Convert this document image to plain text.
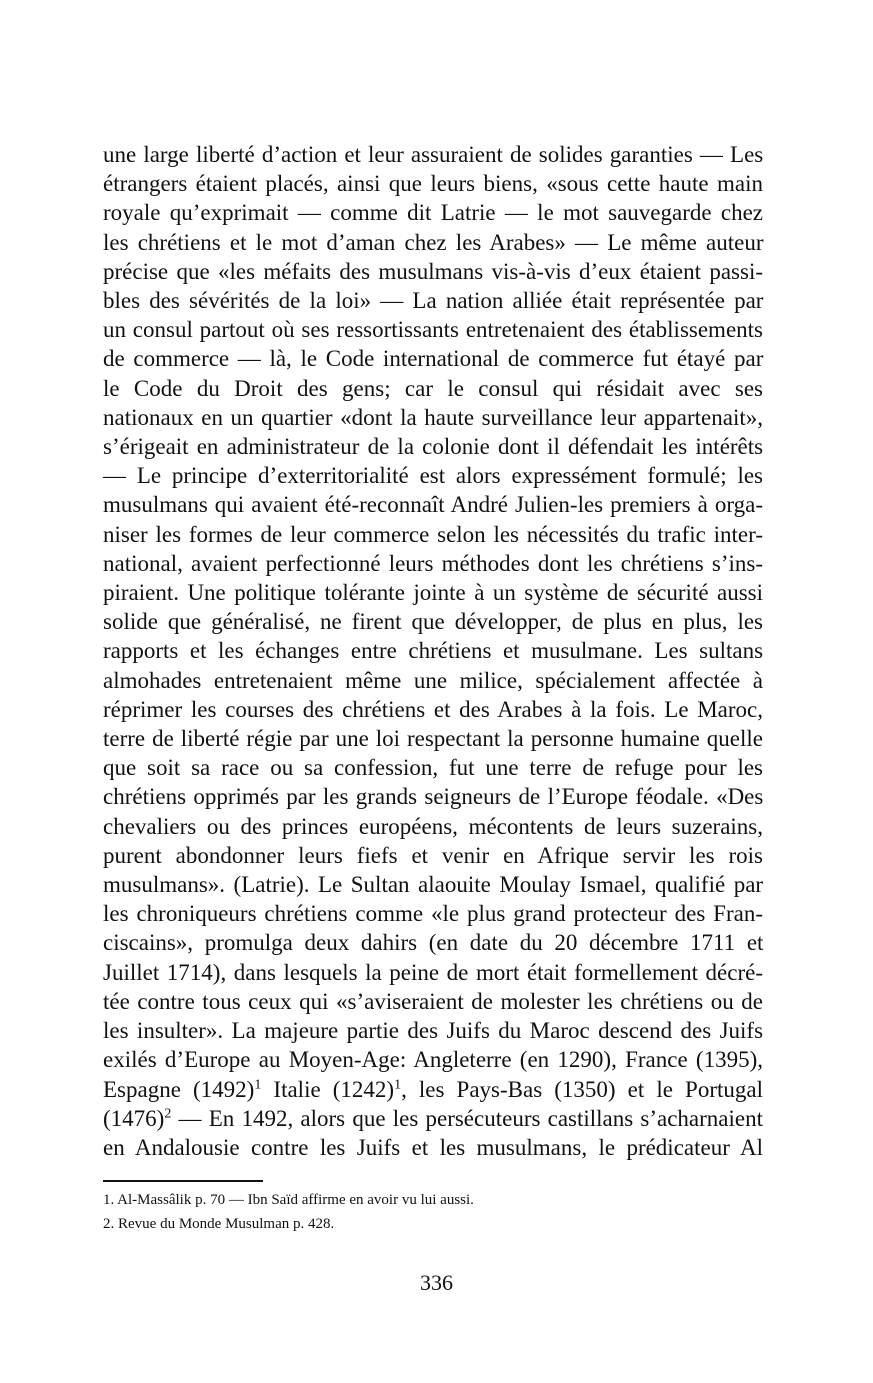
une large liberté d’action et leur assuraient de solides garanties — Les
étrangers étaient placés, ainsi que leurs biens, «sous cette haute main
royale qu’exprimait — comme dit Latrie — le mot sauvegarde chez
les chrétiens et le mot d’aman chez les Arabes» — Le même auteur
précise que «les méfaits des musulmans vis-à-vis d’eux étaient passi-
bles des sévérités de la loi» — La nation alliée était représentée par
un consul partout où ses ressortissants entretenaient des établissements
de commerce — là, le Code international de commerce fut étayé par
le Code du Droit des gens; car le consul qui résidait avec ses
nationaux en un quartier «dont la haute surveillance leur appartenait»,
s’érigeait en administrateur de la colonie dont il défendait les intérêts
— Le principe d’exterritorialité est alors expressément formulé; les
musulmans qui avaient été-reconnaît André Julien-les premiers à orga-
niser les formes de leur commerce selon les nécessités du trafic inter-
national, avaient perfectionné leurs méthodes dont les chrétiens s’ins-
piraient. Une politique tolérante jointe à un système de sécurité aussi
solide que généralisé, ne firent que développer, de plus en plus, les
rapports et les échanges entre chrétiens et musulmane. Les sultans
almohades entretenaient même une milice, spécialement affectée à
réprimer les courses des chrétiens et des Arabes à la fois. Le Maroc,
terre de liberté régie par une loi respectant la personne humaine quelle
que soit sa race ou sa confession, fut une terre de refuge pour les
chrétiens opprimés par les grands seigneurs de l’Europe féodale. «Des
chevaliers ou des princes européens, mécontents de leurs suzerains,
purent abondonner leurs fiefs et venir en Afrique servir les rois
musulmans». (Latrie). Le Sultan alaouite Moulay Ismael, qualifié par
les chroniqueurs chrétiens comme «le plus grand protecteur des Fran-
ciscains», promulga deux dahirs (en date du 20 décembre 1711 et
Juillet 1714), dans lesquels la peine de mort était formellement décré-
tée contre tous ceux qui «s’aviseraient de molester les chrétiens ou de
les insulter». La majeure partie des Juifs du Maroc descend des Juifs
exilés d’Europe au Moyen-Age: Angleterre (en 1290), France (1395),
Espagne $(1492)^1$ Italie $(1242)^1$, les Pays-Bas (1350) et le Portugal
$(1476)^2$ — En 1492, alors que les persécuteurs castillans s’acharnaient
en Andalousie contre les Juifs et les musulmans, le prédicateur Al
1. Al-Massâlik p. 70 — Ibn Saïd affirme en avoir vu lui aussi.
2. Revue du Monde Musulman p. 428.
336
